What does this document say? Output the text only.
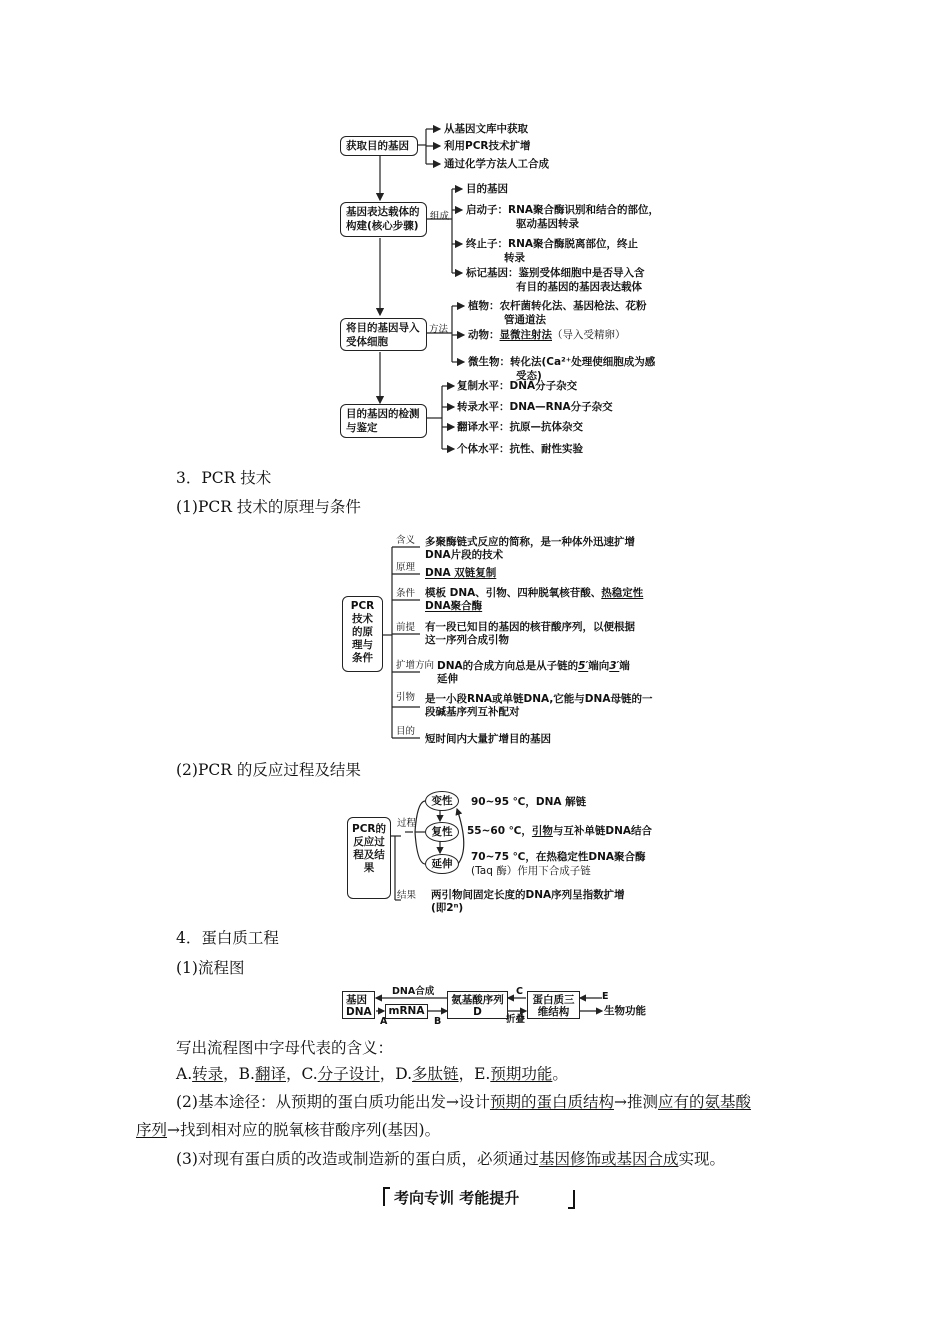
获取目的基因
从基因文库中获取
利用PCR技术扩增
通过化学方法人工合成
基因表达载体的构建(核心步骤)
组成
目的基因
启动子：RNA聚合酶识别和结合的部位，
驱动基因转录
终止子：RNA聚合酶脱离部位，终止
转录
标记基因：鉴别受体细胞中是否导入含
有目的基因的基因表达载体
将目的基因导入受体细胞
方法
植物：农杆菌转化法、基因枪法、花粉
管通道法
动物：显微注射法（导入受精卵）
微生物：转化法(Ca²⁺处理使细胞成为感
受态)
目的基因的检测与鉴定
复制水平：DNA分子杂交
转录水平：DNA—RNA分子杂交
翻译水平：抗原—抗体杂交
个体水平：抗性、耐性实验
3．PCR 技术
(1)PCR 技术的原理与条件
PCR技术的原理与条件
含义 多聚酶链式反应的简称，是一种体外迅速扩增
DNA片段的技术
原理 DNA 双链复制
条件 模板 DNA、引物、四种脱氧核苷酸、热稳定性
DNA聚合酶
前提 有一段已知目的基因的核苷酸序列，以便根据
这一序列合成引物
扩增方向 DNA的合成方向总是从子链的5′端向3′端
延伸
引物 是一小段RNA或单链DNA,它能与DNA母链的一
段碱基序列互补配对
目的
短时间内大量扩增目的基因
(2)PCR 的反应过程及结果
PCR的反应过程及结果
过程
结果
变性
复性
延伸
90~95 ℃，DNA 解链
55~60 ℃，引物与互补单链DNA结合
70~75 ℃，在热稳定性DNA聚合酶
(Taq 酶）作用下合成子链
两引物间固定长度的DNA序列呈指数扩增
(即2ⁿ)
4．蛋白质工程
(1)流程图
基因DNA
DNA合成
mRNA
A	B
氨基酸序列
D
C
折叠
蛋白质三维结构
E
生物功能
写出流程图中字母代表的含义：
A.转录，B.翻译，C.分子设计，D.多肽链，E.预期功能。
(2)基本途径：从预期的蛋白质功能出发→设计预期的蛋白质结构→推测应有的氨基酸
序列→找到相对应的脱氧核苷酸序列(基因)。
(3)对现有蛋白质的改造或制造新的蛋白质，必须通过基因修饰或基因合成实现。
考向专训 考能提升
